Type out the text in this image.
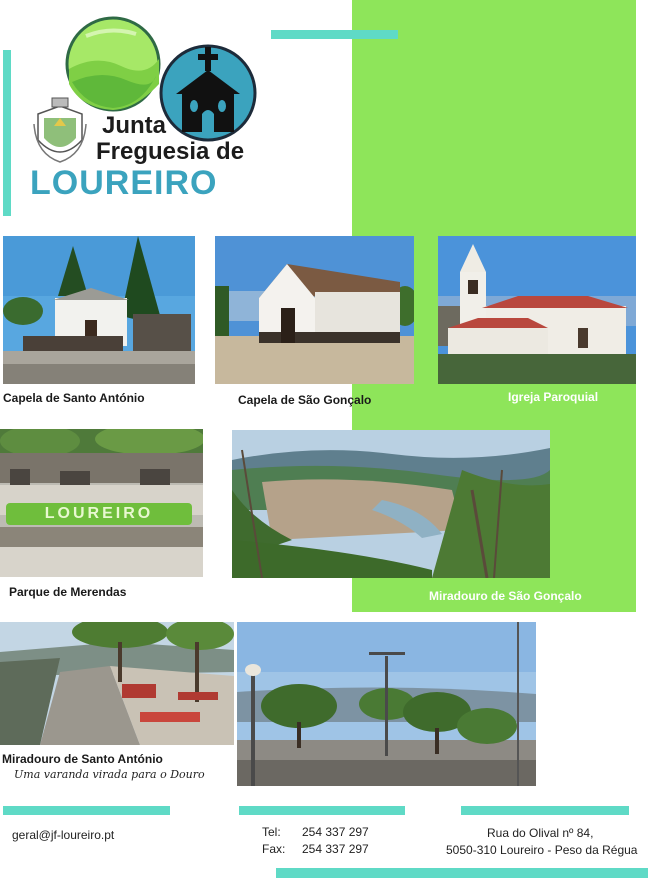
Junta
Freguesia de
LOUREIRO
Capela de Santo António	Capela de São Gonçalo	Igreja Paroquial
LOUREIRO
Parque de Merendas	Miradouro de São Gonçalo
Miradouro de Santo António
Uma varanda virada para o Douro
geral@jf-loureiro.pt	Tel: 254 337 297
Fax: 254 337 297
Rua do Olival nº 84,
5050-310 Loureiro - Peso da Régua
